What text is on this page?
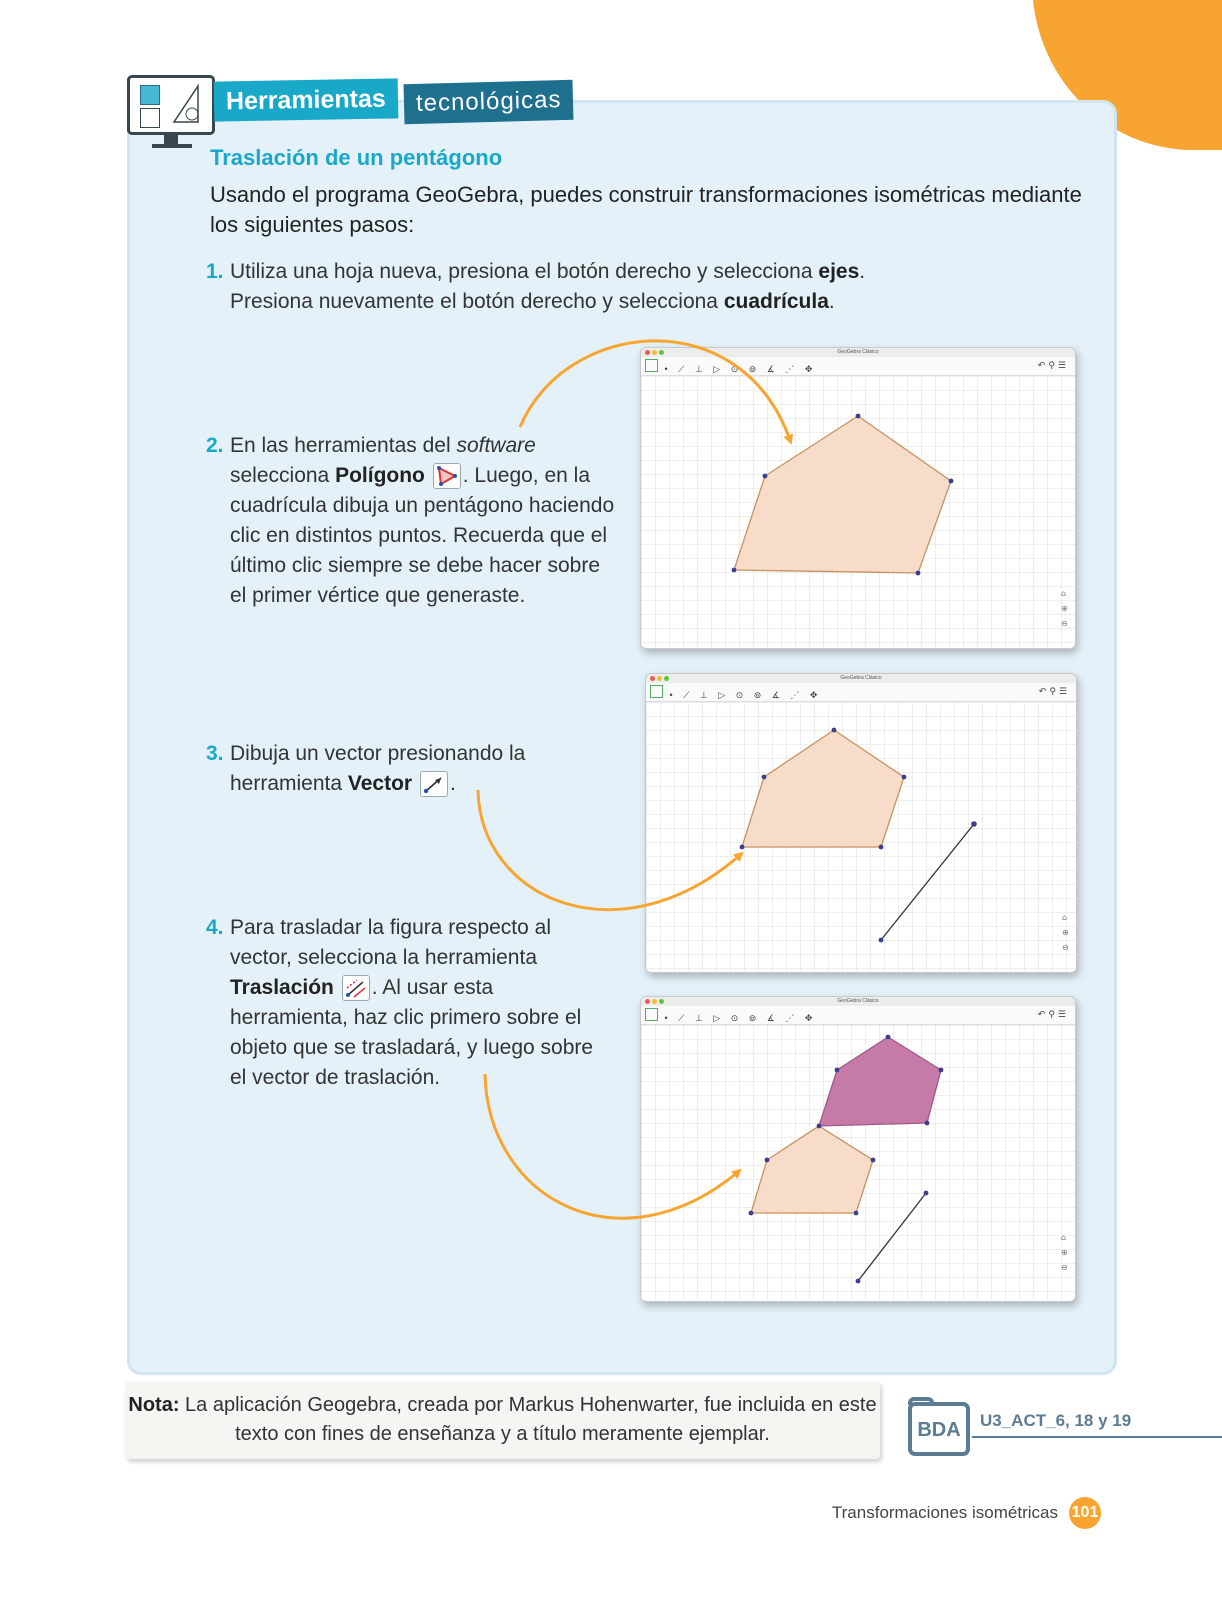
Herramientas	tecnológicas
Traslación de un pentágono
Usando el programa GeoGebra, puedes construir transformaciones isométricas mediante los siguientes pasos:
1. Utiliza una hoja nueva, presiona el botón derecho y selecciona ejes.
Presiona nuevamente el botón derecho y selecciona cuadrícula.
2. En las herramientas del software
selecciona Polígono . Luego, en la cuadrícula dibuja un pentágono haciendo clic en distintos puntos. Recuerda que el último clic siempre se debe hacer sobre el primer vértice que generaste.
3. Dibuja un vector presionando la herramienta Vector .
4. Para trasladar la figura respecto al vector, selecciona la herramienta Traslación . Al usar esta herramienta, haz clic primero sobre el objeto que se trasladará, y luego sobre el vector de traslación.
GeoGebra Clásico
• ⟋ ⊥ ▷ ⊙ ⊚ ∡ ⋰ ✥	↶⚲☰
⌂
⊕
⊖
GeoGebra Clásico
• ⟋ ⊥ ▷ ⊙ ⊚ ∡ ⋰ ✥	↶⚲☰
⌂
⊕
⊖
GeoGebra Clásico
• ⟋ ⊥ ▷ ⊙ ⊚ ∡ ⋰ ✥	↶⚲☰
⌂
⊕
⊖
Nota: La aplicación Geogebra, creada por Markus Hohenwarter, fue incluida en este texto con fines de enseñanza y a título meramente ejemplar.	BDA	U3_ACT_6, 18 y 19
Transformaciones isométricas 101
